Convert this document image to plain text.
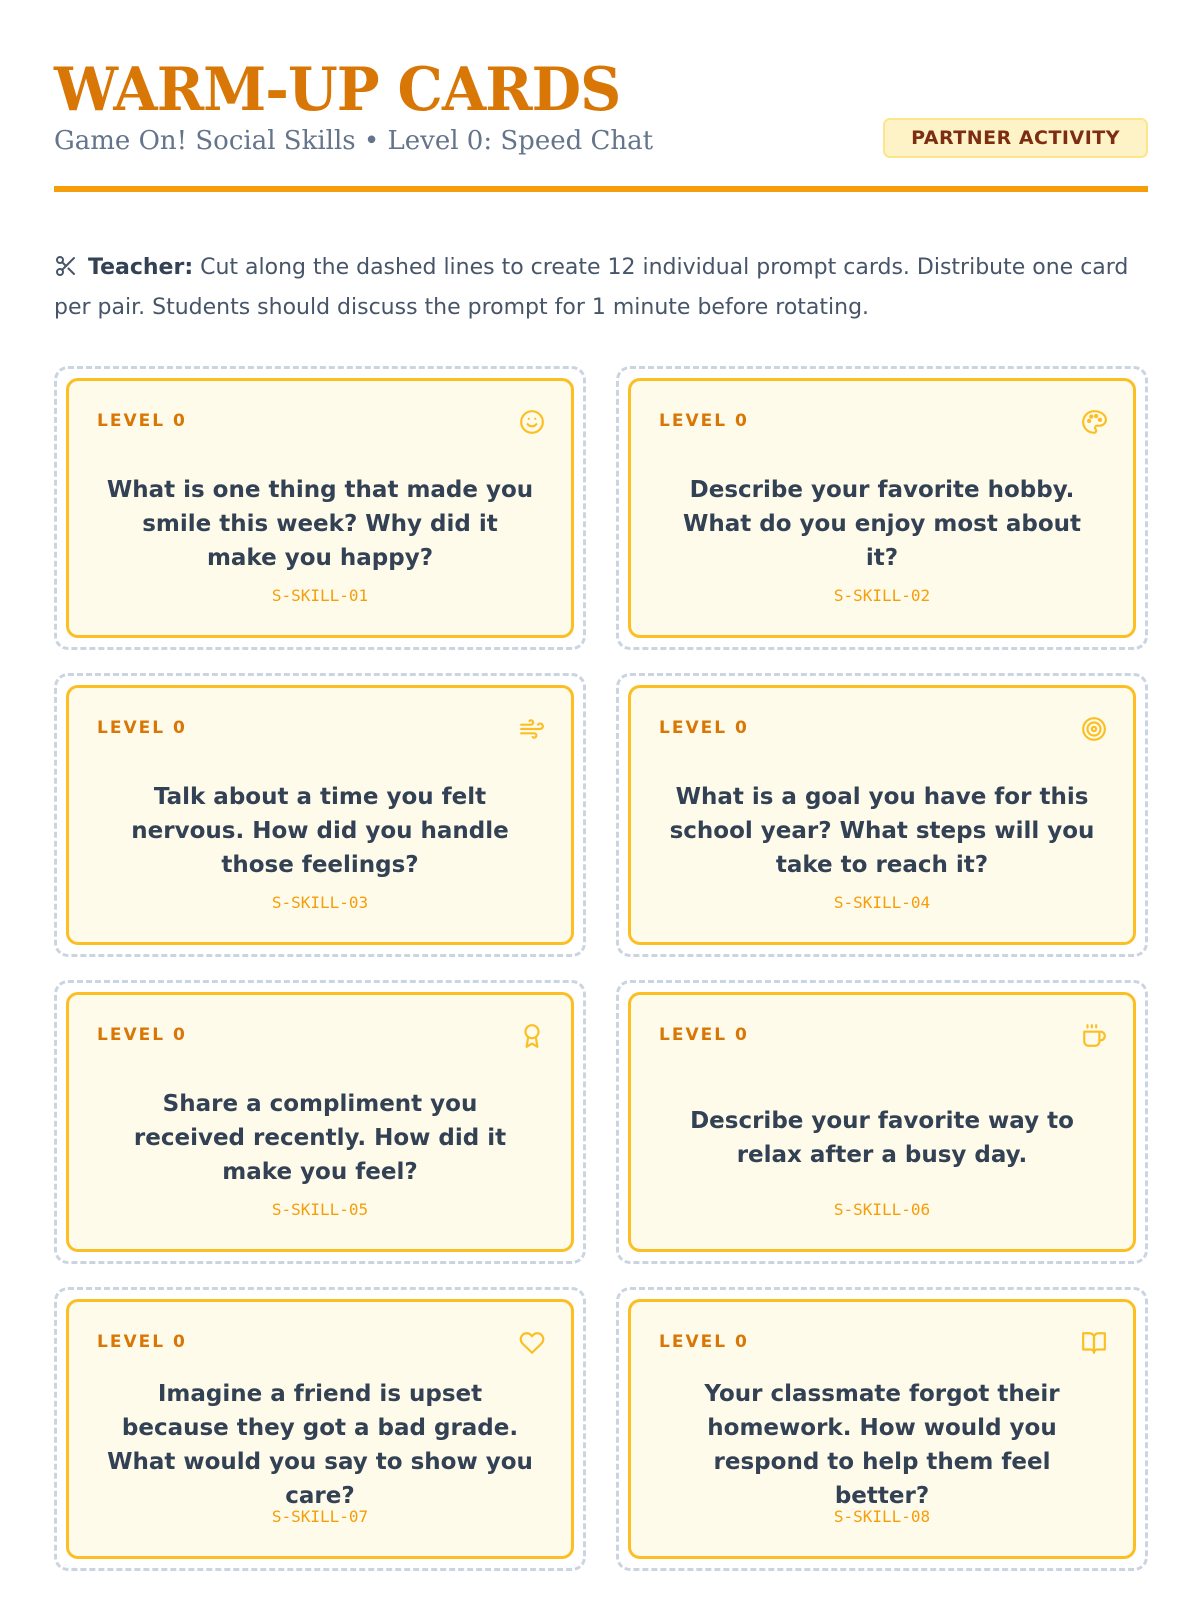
WARM-UP CARDS
Game On! Social Skills • Level 0: Speed Chat	PARTNER ACTIVITY
Teacher: Cut along the dashed lines to create 12 individual prompt cards. Distribute one card per pair. Students should discuss the prompt for 1 minute before rotating.
LEVEL 0
What is one thing that made you smile this week? Why did it make you happy?
S-SKILL-01
LEVEL 0
Describe your favorite hobby. What do you enjoy most about it?
S-SKILL-02
LEVEL 0
Talk about a time you felt nervous. How did you handle those feelings?
S-SKILL-03
LEVEL 0
What is a goal you have for this school year? What steps will you take to reach it?
S-SKILL-04
LEVEL 0
Share a compliment you received recently. How did it make you feel?
S-SKILL-05
LEVEL 0
Describe your favorite way to relax after a busy day.
S-SKILL-06
LEVEL 0
Imagine a friend is upset because they got a bad grade. What would you say to show you care?
S-SKILL-07
LEVEL 0
Your classmate forgot their homework. How would you respond to help them feel better?
S-SKILL-08
